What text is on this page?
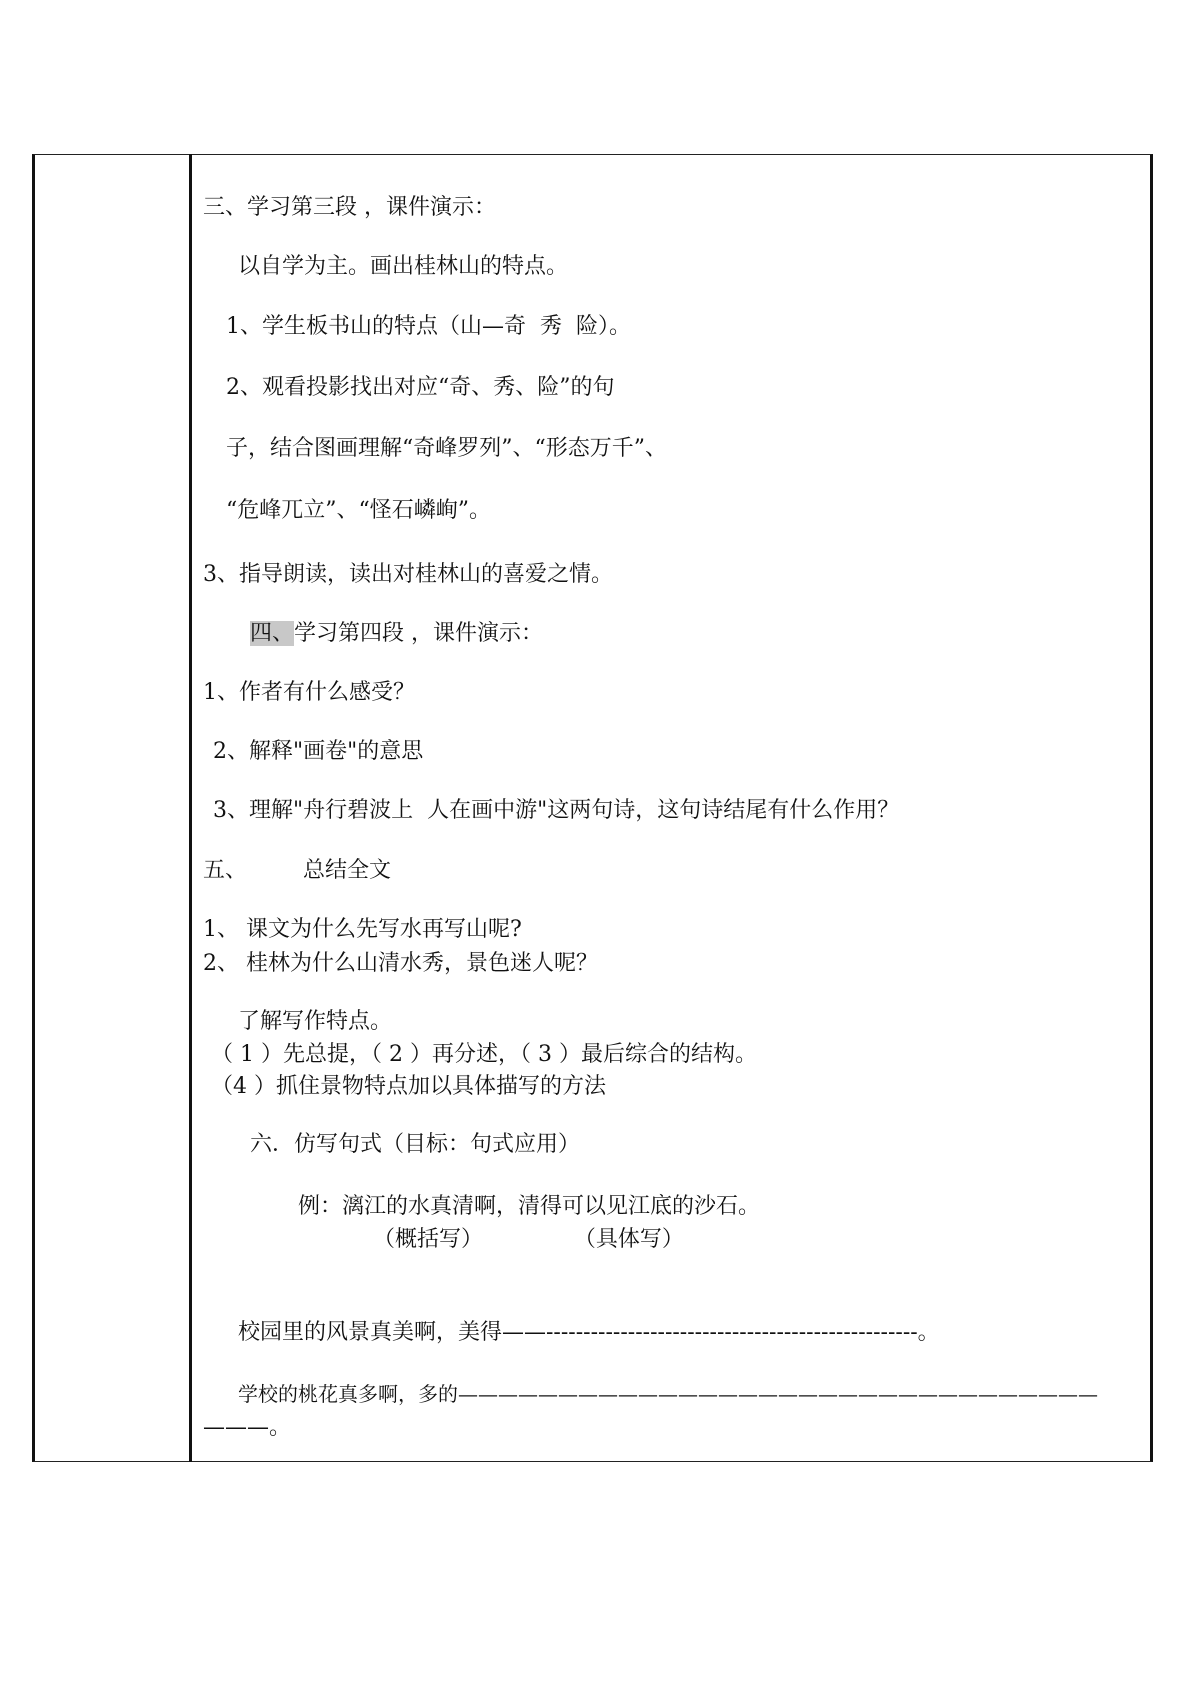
三、学习第三段 ，课件演示：
以自学为主。画出桂林山的特点。
1、学生板书山的特点（山—奇  秀  险）。
2、观看投影找出对应“奇、秀、险”的句
子，结合图画理解“奇峰罗列”、“形态万千”、
“危峰兀立”、“怪石嶙峋”。
3、指导朗读，读出对桂林山的喜爱之情。
四、学习第四段 ，课件演示：
1、作者有什么感受？
2、解释"画卷"的意思
3、理解"舟行碧波上  人在画中游"这两句诗，这句诗结尾有什么作用？
五、        总结全文
1、 课文为什么先写水再写山呢?
2、 桂林为什么山清水秀，景色迷人呢？
了解写作特点。
（ 1 ）先总提，（ 2 ）再分述，（ 3 ）最后综合的结构。
（4 ）抓住景物特点加以具体描写的方法
六．仿写句式（目标：句式应用）
例：漓江的水真清啊，清得可以见江底的沙石。
（概括写）             （具体写）
校园里的风景真美啊，美得——--------------------------------------------------。
学校的桃花真多啊，多的————————————————————————————————
———。
